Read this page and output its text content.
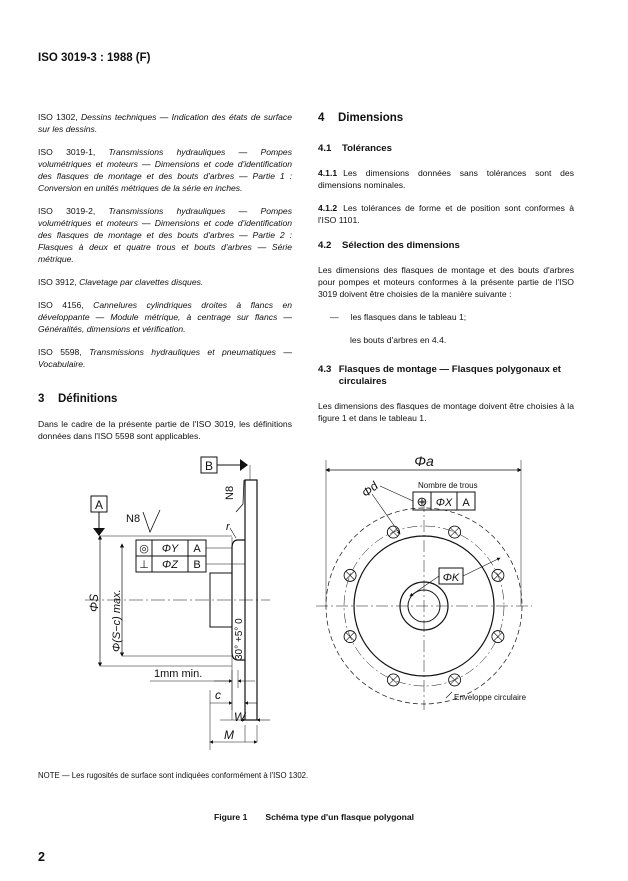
ISO 3019-3 : 1988 (F)

ISO 1302, Dessins techniques — Indication des états de surface sur les dessins.

ISO 3019-1, Transmissions hydrauliques — Pompes volumétriques et moteurs — Dimensions et code d'identification des flasques de montage et des bouts d'arbres — Partie 1 : Conversion en unités métriques de la série en inches.

ISO 3019-2, Transmissions hydrauliques — Pompes volumétriques et moteurs — Dimensions et code d'identification des flasques de montage et des bouts d'arbres — Partie 2 : Flasques à deux et quatre trous et bouts d'arbres — Série métrique.

ISO 3912, Clavetage par clavettes disques.

ISO 4156, Cannelures cylindriques droites à flancs en développante — Module métrique, à centrage sur flancs — Généralités, dimensions et vérification.

ISO 5598, Transmissions hydrauliques et pneumatiques — Vocabulaire.

3 Définitions

Dans le cadre de la présente partie de l'ISO 3019, les définitions données dans l'ISO 5598 sont applicables.

4 Dimensions
4.1 Tolérances

4.1.1 Les dimensions données sans tolérances sont des dimensions nominales.

4.1.2 Les tolérances de forme et de position sont conformes à l'ISO 1101.

4.2 Sélection des dimensions

Les dimensions des flasques de montage et des bouts d'arbres pour pompes et moteurs conformes à la présente partie de l'ISO 3019 doivent être choisies de la manière suivante :

—     les flasques dans le tableau 1;

les bouts d'arbres en 4.4.

4.3 Flasques de montage — Flasques polygonaux et circulaires

Les dimensions des flasques de montage doivent être choisies à la figure 1 et dans le tableau 1.

B
N8
r
A
N8
◎ ΦY A
⊥ ΦZ B
ΦS Φ(S−c) max.	30° +5° 0
1mm min.
c
W
M
Φa
Nombre de trous
⊕ ΦX A
Φd
ΦK
Enveloppe circulaire
NOTE — Les rugosités de surface sont indiquées conformément à l'ISO 1302.
Figure 1 Schéma type d'un flasque polygonal
2
